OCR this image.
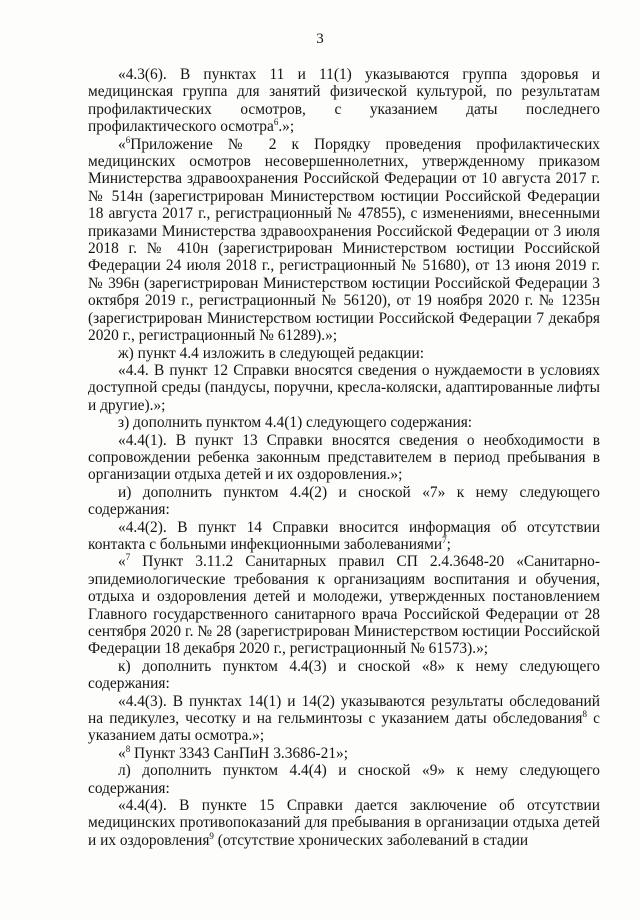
3

«4.3(6). В пунктах 11 и 11(1) указываются группа здоровья и медицинская группа для занятий физической культурой, по результатам профилактических осмотров, с указанием даты последнего профилактического осмотра$^6$.»;

«$^6$Приложение № 2 к Порядку проведения профилактических медицинских осмотров несовершеннолетних, утвержденному приказом Министерства здравоохранения Российской Федерации от 10 августа 2017 г. № 514н (зарегистрирован Министерством юстиции Российской Федерации 18 августа 2017 г., регистрационный № 47855), с изменениями, внесенными приказами Министерства здравоохранения Российской Федерации от 3 июля 2018 г. № 410н (зарегистрирован Министерством юстиции Российской Федерации 24 июля 2018 г., регистрационный № 51680), от 13 июня 2019 г. № 396н (зарегистрирован Министерством юстиции Российской Федерации 3 октября 2019 г., регистрационный № 56120), от 19 ноября 2020 г. № 1235н (зарегистрирован Министерством юстиции Российской Федерации 7 декабря 2020 г., регистрационный № 61289).»;

ж) пункт 4.4 изложить в следующей редакции:

«4.4. В пункт 12 Справки вносятся сведения о нуждаемости в условиях доступной среды (пандусы, поручни, кресла-коляски, адаптированные лифты и другие).»;

з) дополнить пунктом 4.4(1) следующего содержания:

«4.4(1). В пункт 13 Справки вносятся сведения о необходимости в сопровождении ребенка законным представителем в период пребывания в организации отдыха детей и их оздоровления.»;

и) дополнить пунктом 4.4(2) и сноской «7» к нему следующего содержания:

«4.4(2). В пункт 14 Справки вносится информация об отсутствии контакта с больными инфекционными заболеваниями$^7$;

«$^7$ Пункт 3.11.2 Санитарных правил СП 2.4.3648-20 «Санитарно-эпидемиологические требования к организациям воспитания и обучения, отдыха и оздоровления детей и молодежи, утвержденных постановлением Главного государственного санитарного врача Российской Федерации от 28 сентября 2020 г. № 28 (зарегистрирован Министерством юстиции Российской Федерации 18 декабря 2020 г., регистрационный № 61573).»;

к) дополнить пунктом 4.4(3) и сноской «8» к нему следующего содержания:

«4.4(3). В пунктах 14(1) и 14(2) указываются результаты обследований на педикулез, чесотку и на гельминтозы с указанием даты обследования$^8$ с указанием даты осмотра.»;

«$^8$ Пункт 3343 СанПиН 3.3686-21»;

л) дополнить пунктом 4.4(4) и сноской «9» к нему следующего содержания:

«4.4(4). В пункте 15 Справки дается заключение об отсутствии медицинских противопоказаний для пребывания в организации отдыха детей и их оздоровления$^9$ (отсутствие хронических заболеваний в стадии
